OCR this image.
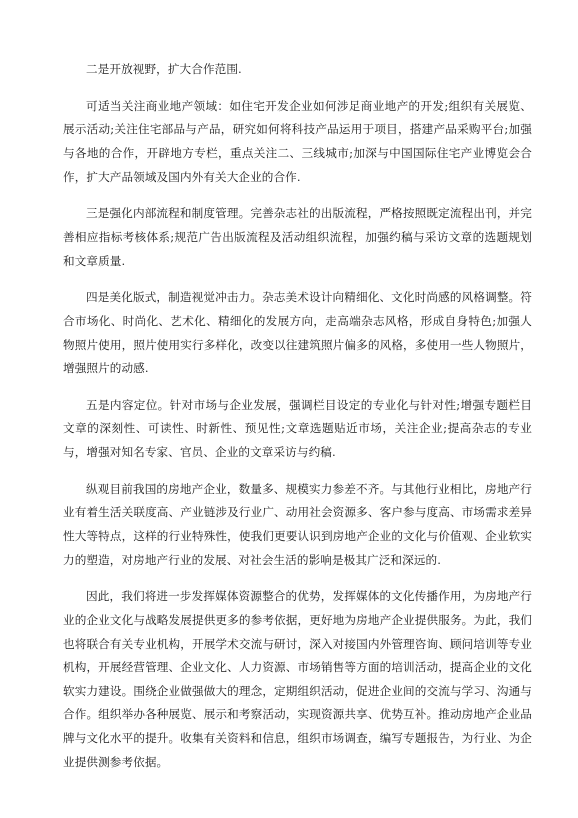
二是开放视野，扩大合作范围.

可适当关注商业地产领域：如住宅开发企业如何涉足商业地产的开发;组织有关展览、展示活动;关注住宅部品与产品，研究如何将科技产品运用于项目，搭建产品采购平台;加强与各地的合作，开辟地方专栏，重点关注二、三线城市;加深与中国国际住宅产业博览会合作，扩大产品领域及国内外有关大企业的合作.

三是强化内部流程和制度管理。完善杂志社的出版流程，严格按照既定流程出刊，并完善相应指标考核体系;规范广告出版流程及活动组织流程，加强约稿与采访文章的选题规划和文章质量.

四是美化版式，制造视觉冲击力。杂志美术设计向精细化、文化时尚感的风格调整。符合市场化、时尚化、艺术化、精细化的发展方向，走高端杂志风格，形成自身特色;加强人物照片使用，照片使用实行多样化，改变以往建筑照片偏多的风格，多使用一些人物照片，增强照片的动感.

五是内容定位。针对市场与企业发展，强调栏目设定的专业化与针对性;增强专题栏目文章的深刻性、可读性、时新性、预见性;文章选题贴近市场，关注企业;提高杂志的专业与，增强对知名专家、官员、企业的文章采访与约稿.

纵观目前我国的房地产企业，数量多、规模实力参差不齐。与其他行业相比，房地产行业有着生活关联度高、产业链涉及行业广、动用社会资源多、客户参与度高、市场需求差异性大等特点，这样的行业特殊性，使我们更要认识到房地产企业的文化与价值观、企业软实力的塑造，对房地产行业的发展、对社会生活的影响是极其广泛和深远的.

因此，我们将进一步发挥媒体资源整合的优势，发挥媒体的文化传播作用，为房地产行业的企业文化与战略发展提供更多的参考依据，更好地为房地产企业提供服务。为此，我们也将联合有关专业机构，开展学术交流与研讨，深入对接国内外管理咨询、顾问培训等专业机构，开展经营管理、企业文化、人力资源、市场销售等方面的培训活动，提高企业的文化软实力建设。围绕企业做强做大的理念，定期组织活动，促进企业间的交流与学习、沟通与合作。组织举办各种展览、展示和考察活动，实现资源共享、优势互补。推动房地产企业品牌与文化水平的提升。收集有关资料和信息，组织市场调查，编写专题报告，为行业、为企业提供测参考依据。
